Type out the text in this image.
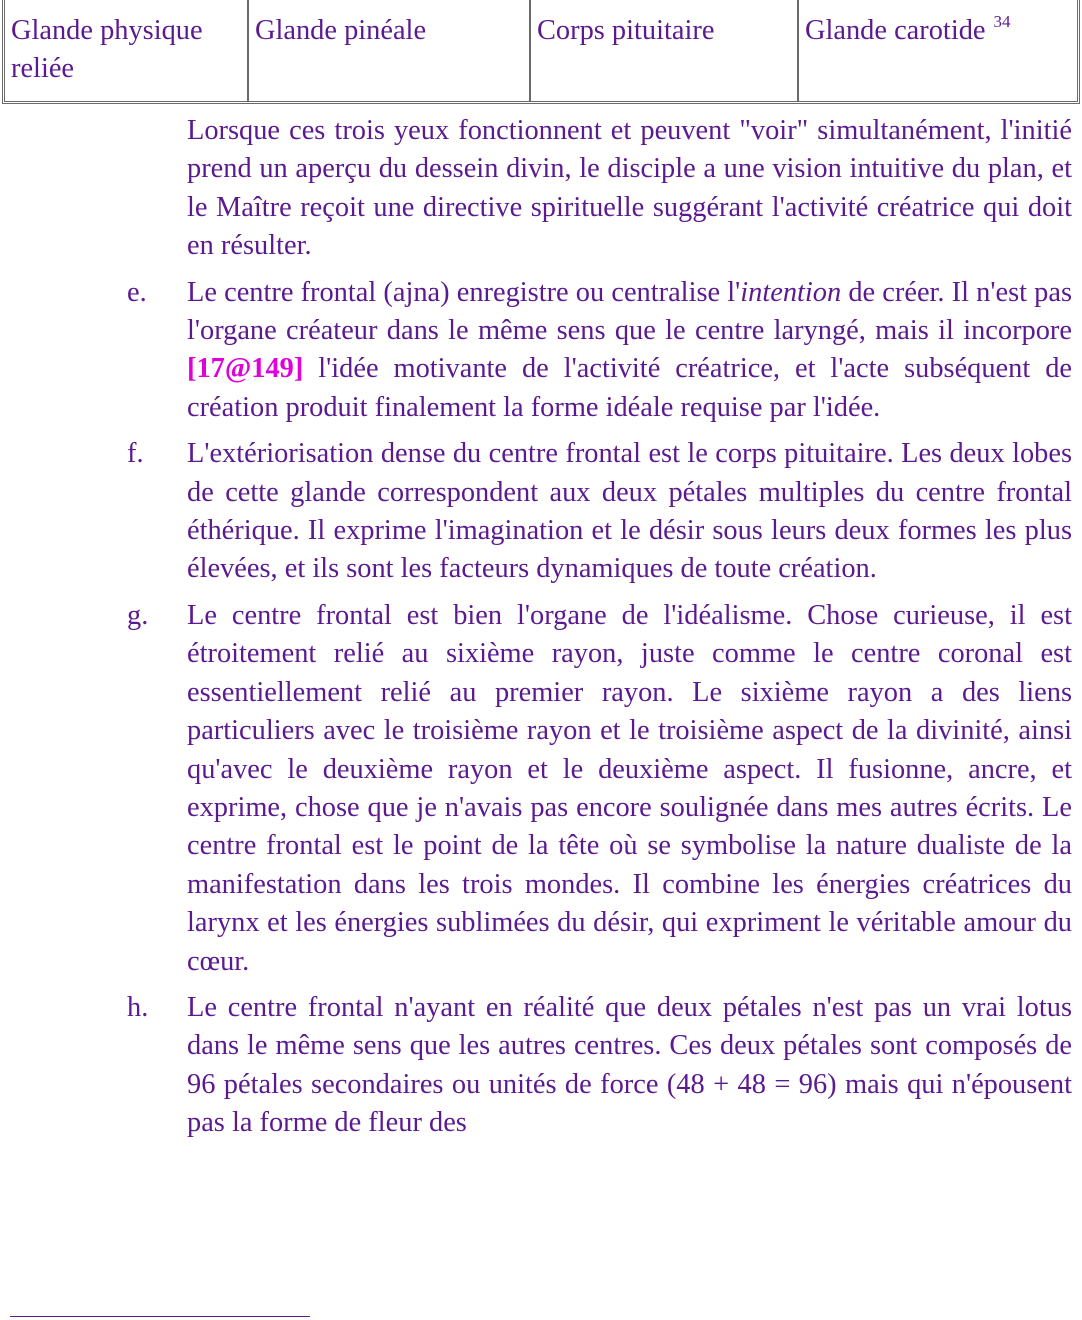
Glande physique reliée	Glande pinéale	Corps pituitaire	Glande carotide $^{34}$
Lorsque ces trois yeux fonctionnent et peuvent "voir" simultanément, l'initié prend un aperçu du dessein divin, le disciple a une vision intuitive du plan, et le Maître reçoit une directive spirituelle suggérant l'activité créatrice qui doit en résulter.
e.	Le centre frontal (ajna) enregistre ou centralise l'intention de créer. Il n'est pas l'organe créateur dans le même sens que le centre laryngé, mais il incorpore [17@149] l'idée motivante de l'activité créatrice, et l'acte subséquent de création produit finalement la forme idéale requise par l'idée.
f.	L'extériorisation dense du centre frontal est le corps pituitaire. Les deux lobes de cette glande correspondent aux deux pétales multiples du centre frontal éthérique. Il exprime l'imagination et le désir sous leurs deux formes les plus élevées, et ils sont les facteurs dynamiques de toute création.
g.	Le centre frontal est bien l'organe de l'idéalisme. Chose curieuse, il est étroitement relié au sixième rayon, juste comme le centre coronal est essentiellement relié au premier rayon. Le sixième rayon a des liens particuliers avec le troisième rayon et le troisième aspect de la divinité, ainsi qu'avec le deuxième rayon et le deuxième aspect. Il fusionne, ancre, et exprime, chose que je n'avais pas encore soulignée dans mes autres écrits. Le centre frontal est le point de la tête où se symbolise la nature dualiste de la manifestation dans les trois mondes. Il combine les énergies créatrices du larynx et les énergies sublimées du désir, qui expriment le véritable amour du cœur.
h.	Le centre frontal n'ayant en réalité que deux pétales n'est pas un vrai lotus dans le même sens que les autres centres. Ces deux pétales sont composés de 96 pétales secondaires ou unités de force (48 + 48 = 96) mais qui n'épousent pas la forme de fleur des
